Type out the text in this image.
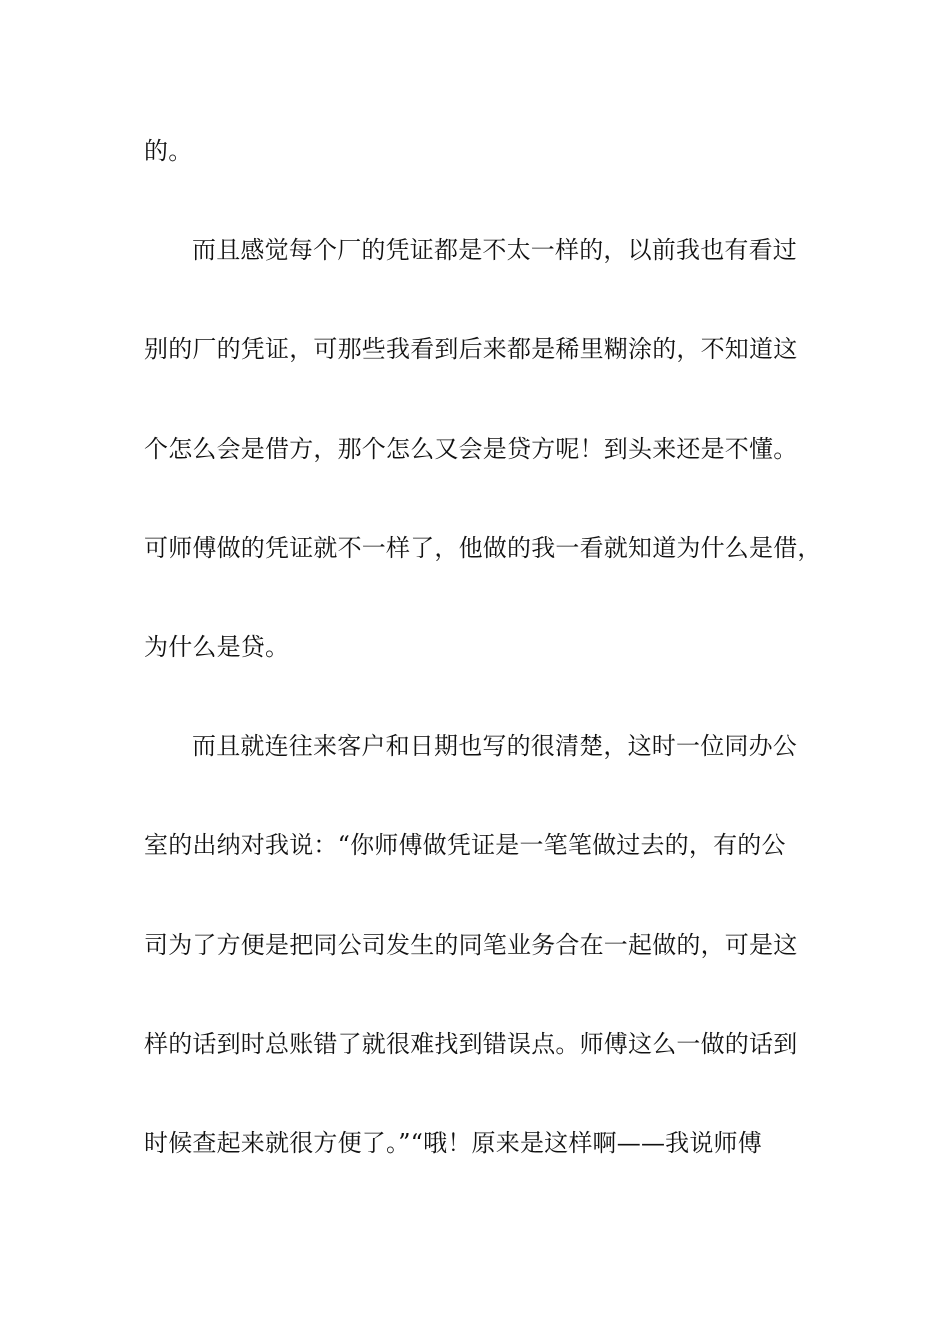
的。
而且感觉每个厂的凭证都是不太一样的，以前我也有看过
别的厂的凭证，可那些我看到后来都是稀里糊涂的，不知道这
个怎么会是借方，那个怎么又会是贷方呢！到头来还是不懂。
可师傅做的凭证就不一样了，他做的我一看就知道为什么是借，
为什么是贷。
而且就连往来客户和日期也写的很清楚，这时一位同办公
室的出纳对我说：“你师傅做凭证是一笔笔做过去的，有的公
司为了方便是把同公司发生的同笔业务合在一起做的，可是这
样的话到时总账错了就很难找到错误点。师傅这么一做的话到
时候查起来就很方便了。”“哦！原来是这样啊——我说师傅
